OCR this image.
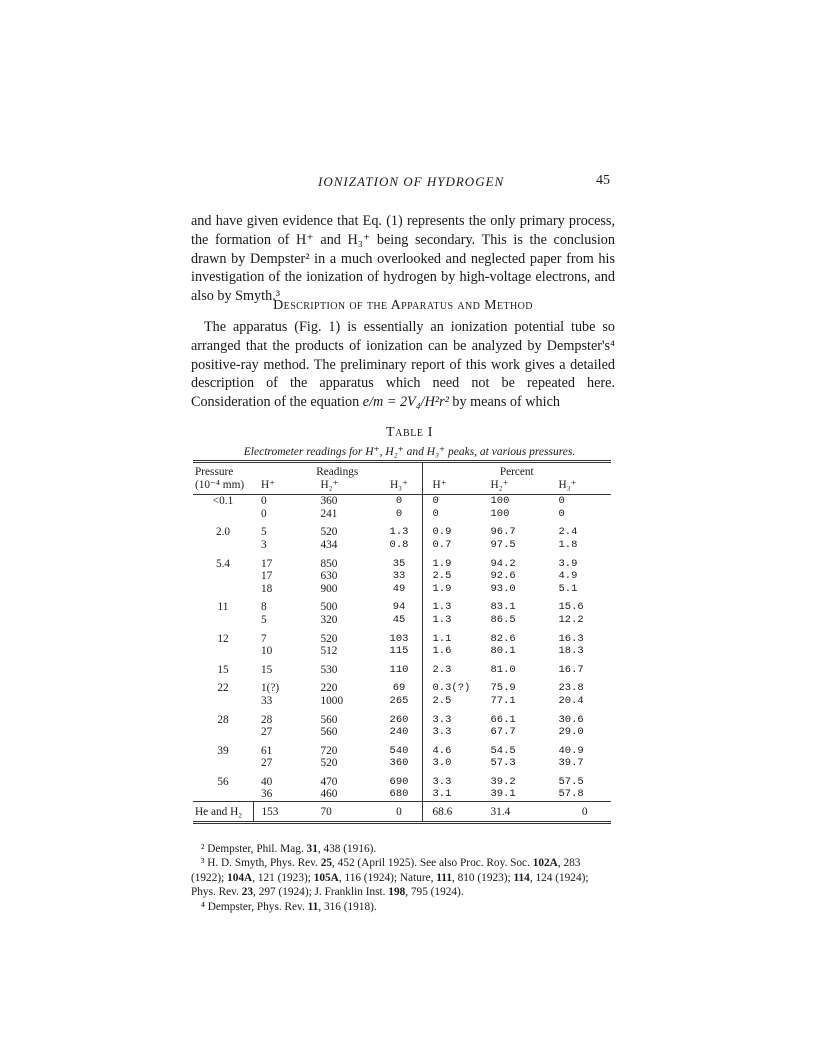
IONIZATION OF HYDROGEN	45

and have given evidence that Eq. (1) represents the only primary process, the formation of H⁺ and H₃⁺ being secondary. This is the conclusion drawn by Dempster² in a much overlooked and neglected paper from his investigation of the ionization of hydrogen by high-voltage electrons, and also by Smyth.³

Description of the Apparatus and Method

The apparatus (Fig. 1) is essentially an ionization potential tube so arranged that the products of ionization can be analyzed by Dempster's⁴ positive-ray method. The preliminary report of this work gives a detailed description of the apparatus which need not be repeated here. Consideration of the equation e/m = 2V₄/H²r² by means of which

Table I
Electrometer readings for H⁺, H₂⁺ and H₃⁺ peaks, at various pressures.
Pressure	Readings			Percent		
(10⁻⁴ mm)	H⁺	H₂⁺	H₃⁺	H⁺	H₂⁺	H₃⁺
<0.1	0	360	0	0	100	0
	0	241	0	0	100	0
2.0	5	520	1.3	0.9	96.7	2.4
	3	434	0.8	0.7	97.5	1.8
5.4	17	850	35	1.9	94.2	3.9
	17	630	33	2.5	92.6	4.9
	18	900	49	1.9	93.0	5.1
11	8	500	94	1.3	83.1	15.6
	5	320	45	1.3	86.5	12.2
12	7	520	103	1.1	82.6	16.3
	10	512	115	1.6	80.1	18.3
15	15	530	110	2.3	81.0	16.7
22	1(?)	220	69	0.3(?)	75.9	23.8
	33	1000	265	2.5	77.1	20.4
28	28	560	260	3.3	66.1	30.6
	27	560	240	3.3	67.7	29.0
39	61	720	540	4.6	54.5	40.9
	27	520	360	3.0	57.3	39.7
56	40	470	690	3.3	39.2	57.5
	36	460	680	3.1	39.1	57.8
He and H₂	153	70	0	68.6	31.4	0

² Dempster, Phil. Mag. 31, 438 (1916).

³ H. D. Smyth, Phys. Rev. 25, 452 (April 1925). See also Proc. Roy. Soc. 102A, 283 (1922); 104A, 121 (1923); 105A, 116 (1924); Nature, 111, 810 (1923); 114, 124 (1924); Phys. Rev. 23, 297 (1924); J. Franklin Inst. 198, 795 (1924).

⁴ Dempster, Phys. Rev. 11, 316 (1918).
